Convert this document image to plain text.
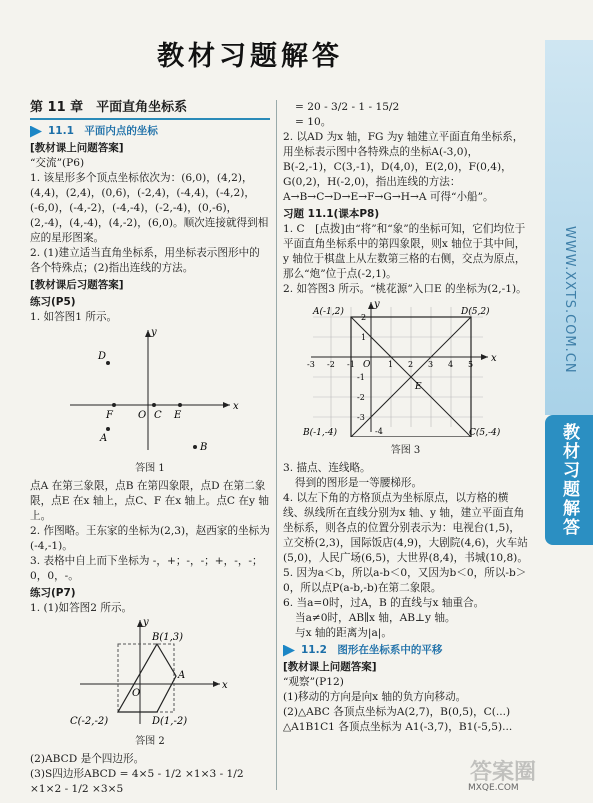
教材习题解答
WWW.XXTS.COM.CN
教材习题解答
第 11 章　平面直角坐标系
11.1　平面内点的坐标
[教材课上问题答案]

“交流”(P6)

1. 该星形多个顶点坐标依次为：(6,0)，(4,2)，(4,4)，(2,4)，(0,6)，(-2,4)，(-4,4)，(-4,2)，(-6,0)，(-4,-2)，(-4,-4)，(-2,-4)，(0,-6)，(2,-4)，(4,-4)，(4,-2)，(6,0)。顺次连接就得到相应的星形图案。

2. (1)建立适当直角坐标系，用坐标表示图形中的各个特殊点；(2)指出连线的方法。

[教材课后习题答案]
练习(P5)

1. 如答图1 所示。

x
y
D
F	O C E
A
B
答图 1

点A 在第三象限，点B 在第四象限，点D 在第二象限，点E 在x 轴上，点C、F 在x 轴上。点C 在y 轴上。

2. 作图略。王东家的坐标为(2,3)，赵西家的坐标为(-4,-1)。

3. 表格中自上而下坐标为 -，+；-，-；+，-，-；0，0，-。

练习(P7)

1. (1)如答图2 所示。

x
y
B(1,3)
A
O
C(-2,-2)	D(1,-2)
答图 2

(2)ABCD 是个四边形。

(3)S四边形ABCD = 4×5 - 1/2 ×1×3 - 1/2 ×1×2 - 1/2 ×3×5

= 20 - 3/2 - 1 - 15/2

= 10。

2. 以AD 为x 轴，FG 为y 轴建立平面直角坐标系，用坐标表示图中各特殊点的坐标A(-3,0)，B(-2,-1)，C(3,-1)，D(4,0)，E(2,0)，F(0,4)，G(0,2)，H(-2,0)，指出连线的方法：A→B→C→D→E→F→G→H→A 可得“小船”。

习题 11.1(课本P8)

1. C　[点拨]由“将”和“象”的坐标可知，它们均位于平面直角坐标系中的第四象限，则x 轴位于其中间，y 轴位于棋盘上从左数第三格的右侧，交点为原点，那么“炮”位于点(-2,1)。

2. 如答图3 所示。“桃花源”入口E 的坐标为(2,-1)。

x
y
A(-1,2)	D(5,2)
O
E
B(-1,-4)	C(5,-4)
-3 -2 -1	1 2 3 4 5
2
1
-1
-2
-3
-4
答图 3

3. 描点、连线略。

得到的图形是一等腰梯形。

4. 以左下角的方格顶点为坐标原点，以方格的横线、纵线所在直线分别为x 轴、y 轴，建立平面直角坐标系，则各点的位置分别表示为：电视台(1,5)，立交桥(2,3)，国际饭店(4,9)，大剧院(4,6)，火车站(5,0)，人民广场(6,5)，大世界(8,4)，书城(10,8)。

5. 因为a＜b，所以a-b＜0，又因为b＜0，所以-b＞0，所以点P(a-b,-b)在第二象限。

6. 当a=0时，过A，B 的直线与x 轴重合。

当a≠0时，AB∥x 轴，AB⊥y 轴。

与x 轴的距离为|a|。

11.2　图形在坐标系中的平移
[教材课上问题答案]

“观察”(P12)

(1)移动的方向是向x 轴的负方向移动。

(2)△ABC 各顶点坐标为A(2,7)，B(0,5)，C(...)

△A1B1C1 各顶点坐标为 A1(-3,7)，B1(-5,5)...

答案圈
MXQE.COM
